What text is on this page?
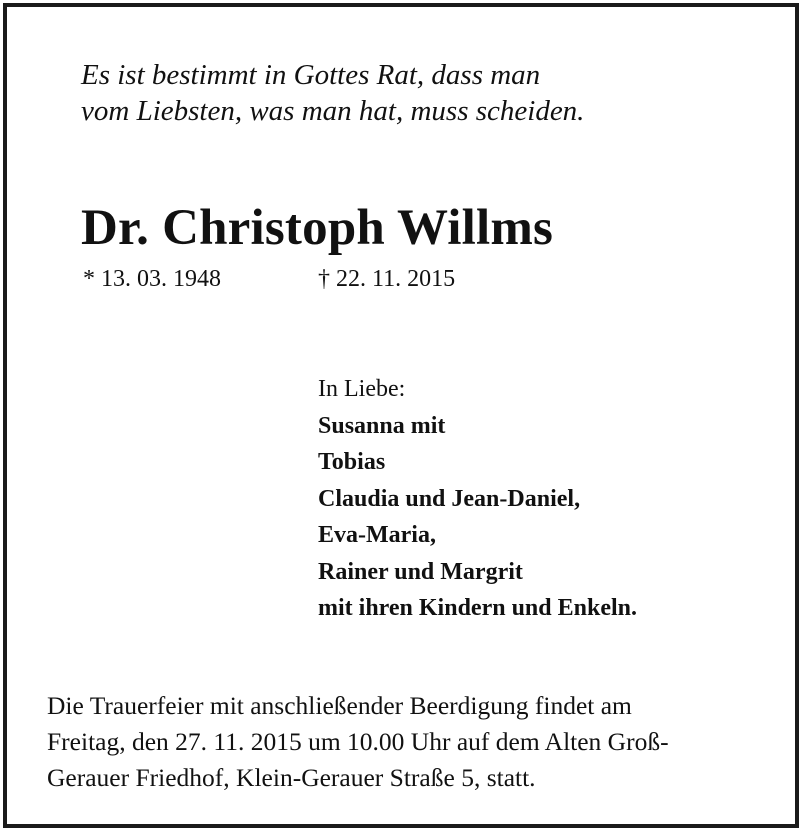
Es ist bestimmt in Gottes Rat, dass man
vom Liebsten, was man hat, muss scheiden.
Dr. Christoph Willms
* 13. 03. 1948	† 22. 11. 2015
In Liebe:
Susanna mit
Tobias
Claudia und Jean-Daniel,
Eva-Maria,
Rainer und Margrit
mit ihren Kindern und Enkeln.
Die Trauerfeier mit anschließender Beerdigung findet am
Freitag, den 27. 11. 2015 um 10.00 Uhr auf dem Alten Groß-
Gerauer Friedhof, Klein-Gerauer Straße 5, statt.
